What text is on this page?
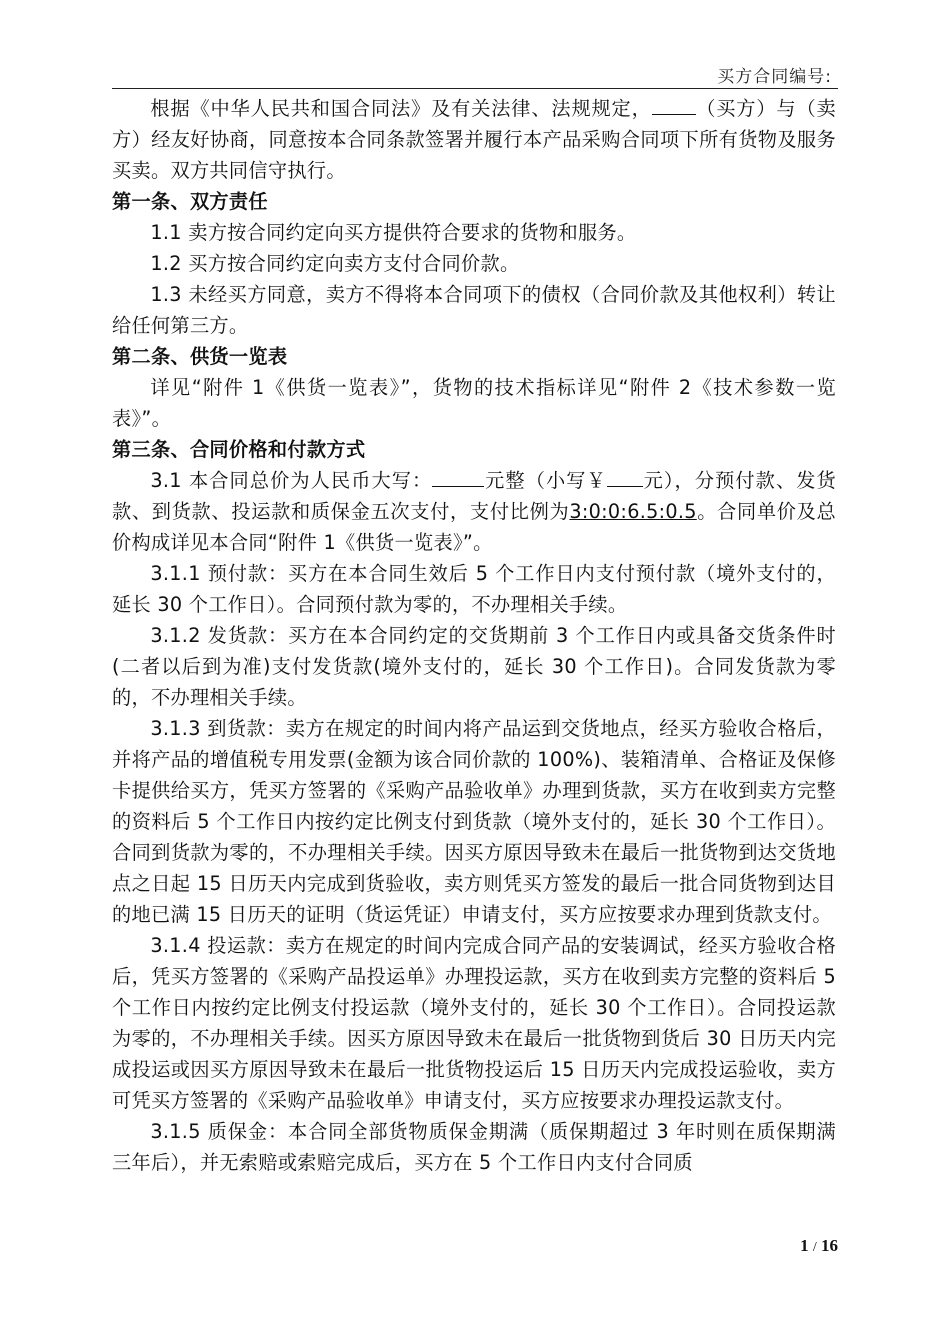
买方合同编号:

根据《中华人民共和国合同法》及有关法律、法规规定， （买方）与（卖方）经友好协商，同意按本合同条款签署并履行本产品采购合同项下所有货物及服务买卖。双方共同信守执行。

第一条、双方责任

1.1 卖方按合同约定向买方提供符合要求的货物和服务。

1.2 买方按合同约定向卖方支付合同价款。

1.3 未经买方同意，卖方不得将本合同项下的债权（合同价款及其他权利）转让给任何第三方。

第二条、供货一览表

详见“附件 1《供货一览表》”，货物的技术指标详见“附件 2《技术参数一览表》”。

第三条、合同价格和付款方式

3.1 本合同总价为人民币大写：	元整（小写￥ 元），分预付款、发货款、到货款、投运款和质保金五次支付，支付比例为3:0:0:6.5:0.5。合同单价及总价构成详见本合同“附件 1《供货一览表》”。

3.1.1 预付款：买方在本合同生效后 5 个工作日内支付预付款（境外支付的，延长 30 个工作日）。合同预付款为零的，不办理相关手续。

3.1.2 发货款：买方在本合同约定的交货期前 3 个工作日内或具备交货条件时(二者以后到为准)支付发货款(境外支付的，延长 30 个工作日)。合同发货款为零的，不办理相关手续。

3.1.3 到货款：卖方在规定的时间内将产品运到交货地点，经买方验收合格后，并将产品的增值税专用发票(金额为该合同价款的 100%)、装箱清单、合格证及保修卡提供给买方，凭买方签署的《采购产品验收单》办理到货款，买方在收到卖方完整的资料后 5 个工作日内按约定比例支付到货款（境外支付的，延长 30 个工作日）。合同到货款为零的，不办理相关手续。因买方原因导致未在最后一批货物到达交货地点之日起 15 日历天内完成到货验收，卖方则凭买方签发的最后一批合同货物到达目的地已满 15 日历天的证明（货运凭证）申请支付，买方应按要求办理到货款支付。

3.1.4 投运款：卖方在规定的时间内完成合同产品的安装调试，经买方验收合格后，凭买方签署的《采购产品投运单》办理投运款，买方在收到卖方完整的资料后 5 个工作日内按约定比例支付投运款（境外支付的，延长 30 个工作日）。合同投运款为零的，不办理相关手续。因买方原因导致未在最后一批货物到货后 30 日历天内完成投运或因买方原因导致未在最后一批货物投运后 15 日历天内完成投运验收，卖方可凭买方签署的《采购产品验收单》申请支付，买方应按要求办理投运款支付。

3.1.5 质保金：本合同全部货物质保金期满（质保期超过 3 年时则在质保期满三年后），并无索赔或索赔完成后，买方在 5 个工作日内支付合同质

1 / 16
